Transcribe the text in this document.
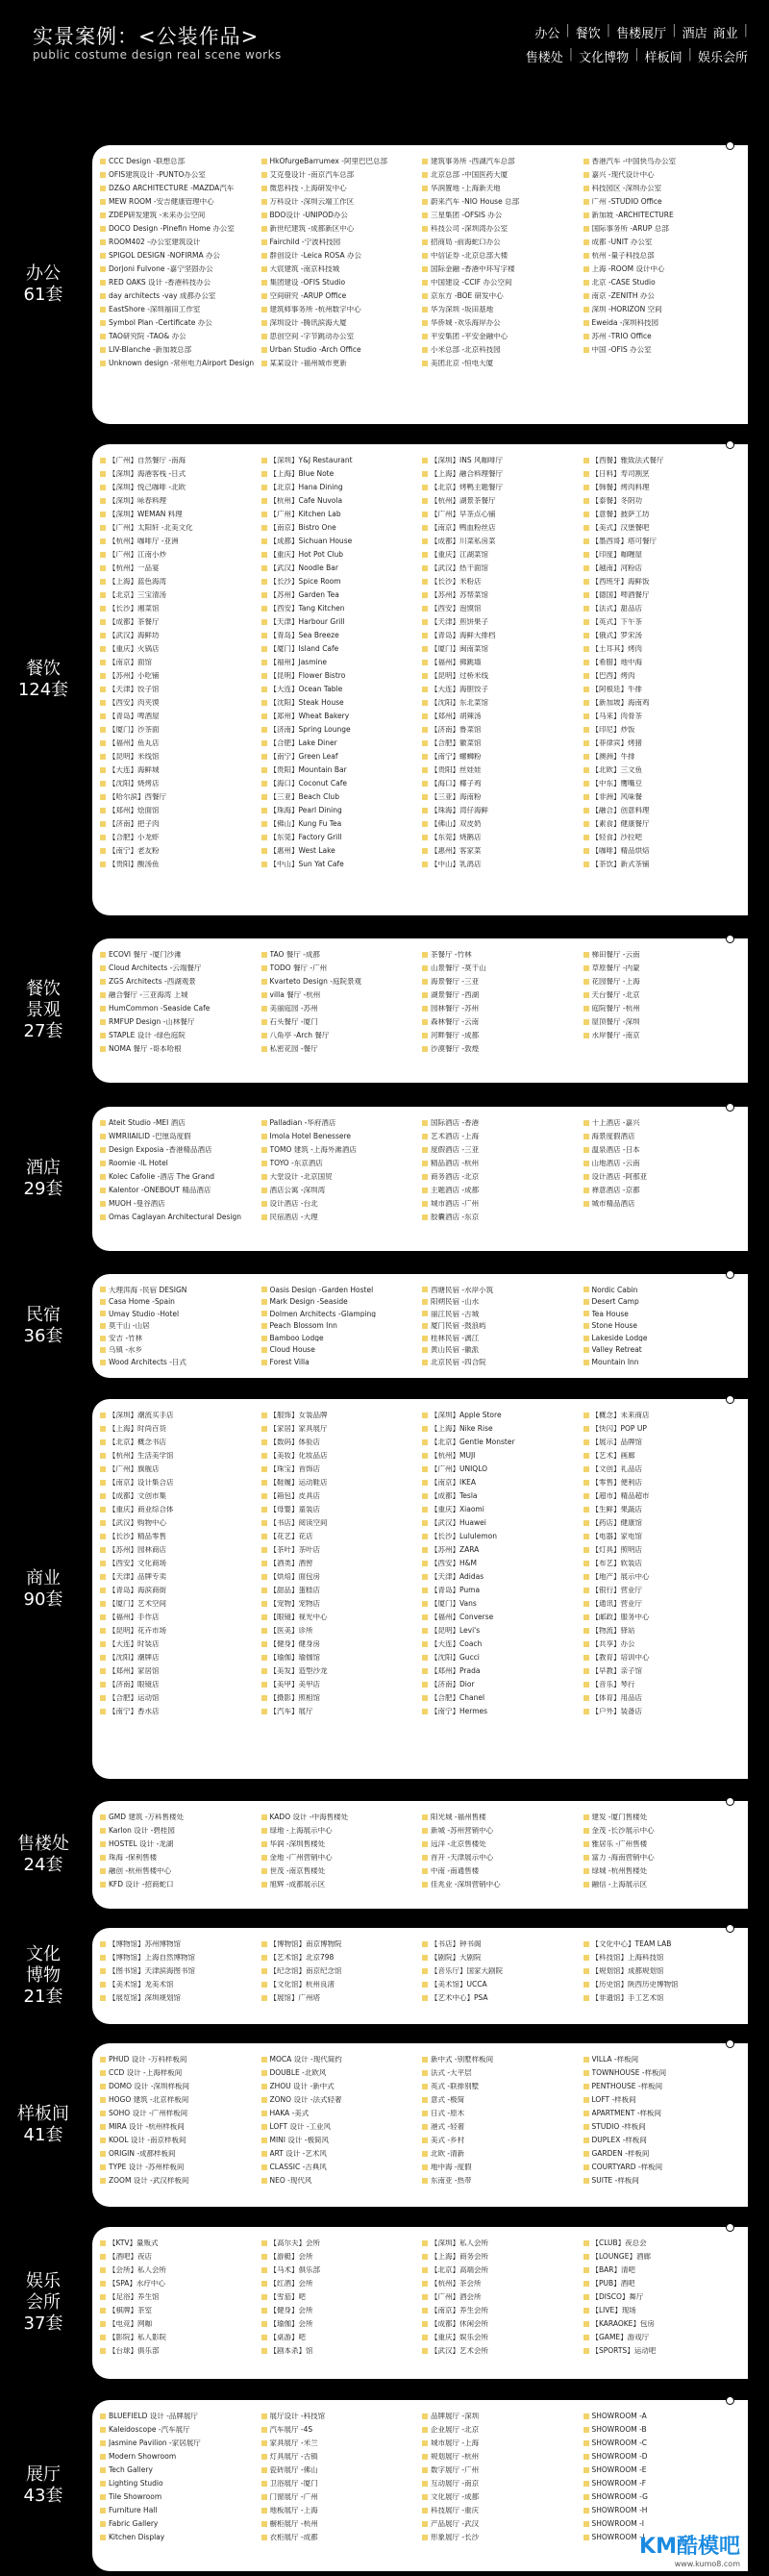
实景案例：<公装作品>
public costume design real scene works
办公 | 餐饮 | 售楼展厅 | 酒店 商业 |
售楼处 | 文化博物 | 样板间 | 娱乐会所
办公
61套
CCC Design -联想总部
OFIS建筑设计 -PUNTO办公室
DZ&O ARCHITECTURE -MAZDA汽车
MEW ROOM -安吉健康管理中心
ZDEP研发建筑 -未来办公空间
DOCO Design -Pinefin Home 办公室
ROOM402 -办公室建筑设计
SPIGOL DESIGN -NOFIRMA 办公
Dorjoni Fulvone -嘉宁坚固办公
RED OAKS 设计 -香港科技办公
day architects -vay 成都办公室
EastShore -深圳福田工作室
Symbol Plan -Certificate 办公
TAO研究院 -TAO& 办公
LIV-Blanche -新加坡总部
Unknown design -常州电力Airport Design
HkOfurgeBarrumex -阿里巴巴总部
艾克曼设计 -南京汽车总部
微思科技 -上海研发中心
万科设计 -深圳云端工作区
BDO设计 -UNIPOD办公
新世纪建筑 -成都新区中心
Fairchild -宁波科技园
群创设计 -Leica ROSA 办公
大宸建筑 -南京科技城
集团建设 -OFIS Studio
空间研究 -ARUP Office
建筑师事务所 -杭州数字中心
深圳设计 -腾讯滨海大厦
思创空间 -字节跳动办公室
Urban Studio -Arch Office
某某设计 -福州城市更新
建筑事务所 -西湖汽车总部
北京总部 -中国医药大厦
华润置地 -上海新天地
蔚来汽车 -NIO House 总部
三星集团 -OFSIS 办公
科技公司 -深圳湾办公室
招商局 -前海蛇口办公
中信证券 -北京总部大楼
国际金融 -香港中环写字楼
中国建设 -CCIF 办公空间
京东方 -BOE 研发中心
华为深圳 -坂田基地
华侨城 -欢乐海岸办公
平安集团 -平安金融中心
小米总部 -北京科技园
美团北京 -恒电大厦
香港汽车 -中国快鸟办公室
嘉兴 -现代设计中心
科技园区 -深圳办公室
广州 -STUDIO Office
新加坡 -ARCHITECTURE
国际事务所 -ARUP 总部
成都 -UNIT 办公室
杭州 -量子科技总部
上海 -ROOM 设计中心
北京 -CASE Studio
南京 -ZENITH 办公
深圳 -HORIZON 空间
Eweida -深圳科技园
苏州 -TRIO Office
中国 -OFIS 办公室
餐饮
124套
【广州】自然餐厅 -南海
【深圳】海港客栈 -日式
【深圳】悦己咖啡 -北欧
【深圳】咏春料理
【深圳】WEMAN 料理
【广州】太阳轩 -北美文化
【杭州】咖啡厅 -亚洲
【广州】江南小炒
【杭州】一品宴
【上海】蓝色海湾
【北京】三宝清汤
【长沙】湘菜馆
【成都】茶餐厅
【武汉】海鲜坊
【重庆】火锅店
【南京】面馆
【苏州】小吃铺
【天津】饺子馆
【西安】肉夹馍
【青岛】啤酒屋
【厦门】沙茶面
【福州】鱼丸店
【昆明】米线馆
【大连】海鲜城
【沈阳】烧烤店
【哈尔滨】西餐厅
【郑州】烩面馆
【济南】把子肉
【合肥】小龙虾
【南宁】老友粉
【贵阳】酸汤鱼
【深圳】Y&J Restaurant
【上海】Blue Note
【北京】Hana Dining
【杭州】Cafe Nuvola
【广州】Kitchen Lab
【南京】Bistro One
【成都】Sichuan House
【重庆】Hot Pot Club
【武汉】Noodle Bar
【长沙】Spice Room
【苏州】Garden Tea
【西安】Tang Kitchen
【天津】Harbour Grill
【青岛】Sea Breeze
【厦门】Island Cafe
【福州】Jasmine
【昆明】Flower Bistro
【大连】Ocean Table
【沈阳】Steak House
【郑州】Wheat Bakery
【济南】Spring Lounge
【合肥】Lake Diner
【南宁】Green Leaf
【贵阳】Mountain Bar
【海口】Coconut Cafe
【三亚】Beach Club
【珠海】Pearl Dining
【佛山】Kung Fu Tea
【东莞】Factory Grill
【惠州】West Lake
【中山】Sun Yat Cafe
【深圳】INS 风咖啡厅
【上海】融合料理餐厅
【北京】烤鸭主题餐厅
【杭州】湖景茶餐厅
【广州】早茶点心铺
【南京】鸭血粉丝店
【成都】川菜私房菜
【重庆】江湖菜馆
【武汉】热干面馆
【长沙】米粉店
【苏州】苏帮菜馆
【西安】泡馍馆
【天津】煎饼果子
【青岛】海鲜大排档
【厦门】闽南菜馆
【福州】佛跳墙
【昆明】过桥米线
【大连】海胆饺子
【沈阳】东北菜馆
【郑州】胡辣汤
【济南】鲁菜馆
【合肥】徽菜馆
【南宁】螺蛳粉
【贵阳】丝娃娃
【海口】椰子鸡
【三亚】海南粉
【珠海】湾仔海鲜
【佛山】双皮奶
【东莞】烧鹅店
【惠州】客家菜
【中山】乳鸽店
【西餐】雅致法式餐厅
【日料】寿司割烹
【韩餐】烤肉料理
【泰餐】冬阴功
【意餐】披萨工坊
【美式】汉堡餐吧
【墨西哥】塔可餐厅
【印度】咖喱屋
【越南】河粉店
【西班牙】海鲜饭
【德国】啤酒餐厅
【法式】甜品店
【英式】下午茶
【俄式】罗宋汤
【土耳其】烤肉
【希腊】地中海
【巴西】烤肉
【阿根廷】牛排
【新加坡】海南鸡
【马来】肉骨茶
【印尼】炒饭
【菲律宾】烤猪
【澳洲】牛排
【北欧】三文鱼
【中东】鹰嘴豆
【非洲】风味餐
【融合】创意料理
【素食】健康餐厅
【轻食】沙拉吧
【咖啡】精品烘焙
【茶饮】新式茶铺
餐饮
景观
27套
ECOVI 餐厅 -厦门沙滩
Cloud Architects -云端餐厅
ZGS Architects -西湖观景
融合餐厅 -三亚海湾 上城
HumCommon -Seaside Cafe
RMFUP Design -山林餐厅
STAPLE 设计 -绿色庭院
NOMA 餐厅 -哥本哈根
TAO 餐厅 -成都
TODO 餐厅 -广州
Kvarteto Design -庭院景观
villa 餐厅 -杭州
美丽庭园 -苏州
石头餐厅 -厦门
八角亭 -Arch 餐厅
私密花园 -餐厅
茶餐厅 -竹林
山景餐厅 -莫干山
海景餐厅 -三亚
湖景餐厅 -西湖
园林餐厅 -苏州
森林餐厅 -云南
河畔餐厅 -成都
沙漠餐厅 -敦煌
梯田餐厅 -云南
草原餐厅 -内蒙
花园餐厅 -上海
天台餐厅 -北京
庭院餐厅 -杭州
屋顶餐厅 -深圳
水岸餐厅 -南京
酒店
29套
Ateit Studio -MEI 酒店
WMRIIAILID -巴厘岛度假
Design Exposia -香港精品酒店
Roomie -IL Hotel
Kolec Cafolie -酒店 The Grand
Kalentor -ONEBOUT 精品酒店
MUOH -曼谷酒店
Omas Caglayan Architectural Design
Palladian -华府酒店
Imola Hotel Benessere
TOMO 建筑 -上海外滩酒店
TOYO -东京酒店
大堂设计 -北京国贸
酒店公寓 -深圳湾
设计酒店 -台北
民宿酒店 -大理
国际酒店 -香港
艺术酒店 -上海
度假酒店 -三亚
精品酒店 -杭州
商务酒店 -北京
主题酒店 -成都
城市酒店 -广州
胶囊酒店 -东京
十上酒店 -嘉兴
海景度假酒店
温泉酒店 -日本
山地酒店 -云南
设计酒店 -阿那亚
禅意酒店 -京都
城市精品酒店
民宿
36套
大理洱海 -民宿 DESIGN
Casa Home -Spain
Umay Studio -Hotel
莫干山 -山居
安吉 -竹林
乌镇 -水乡
Wood Architects -日式
Oasis Design -Garden Hostel
Mark Design -Seaside
Dolmen Architects -Glamping
Peach Blossom Inn
Bamboo Lodge
Cloud House
Forest Villa
西塘民宿 -水岸小筑
阳朔民宿 -山水
丽江民宿 -古城
厦门民宿 -鼓浪屿
桂林民宿 -漓江
黄山民宿 -徽派
北京民宿 -四合院
Nordic Cabin
Desert Camp
Tea House
Stone House
Lakeside Lodge
Valley Retreat
Mountain Inn
商业
90套
【深圳】潮流买手店
【上海】时尚百货
【北京】概念书店
【杭州】生活美学馆
【广州】旗舰店
【南京】设计集合店
【成都】文创市集
【重庆】商业综合体
【武汉】购物中心
【长沙】精品零售
【苏州】园林商店
【西安】文化商场
【天津】品牌专卖
【青岛】海滨商街
【厦门】艺术空间
【福州】手作店
【昆明】花卉市场
【大连】时装店
【沈阳】潮牌店
【郑州】家居馆
【济南】眼镜店
【合肥】运动馆
【南宁】香水店
【服饰】女装品牌
【家居】家具展厅
【数码】体验店
【美妆】化妆品店
【珠宝】首饰店
【鞋履】运动鞋店
【箱包】皮具店
【母婴】童装店
【书店】阅读空间
【花艺】花店
【茶叶】茶叶店
【酒类】酒窖
【烘焙】面包房
【甜品】蛋糕店
【宠物】宠物店
【眼镜】视光中心
【医美】诊所
【健身】健身房
【瑜伽】瑜伽馆
【美发】造型沙龙
【美甲】美甲店
【摄影】照相馆
【汽车】展厅
【深圳】Apple Store
【上海】Nike Rise
【北京】Gentle Monster
【杭州】MUJI
【广州】UNIQLO
【南京】IKEA
【成都】Tesla
【重庆】Xiaomi
【武汉】Huawei
【长沙】Lululemon
【苏州】ZARA
【西安】H&M
【天津】Adidas
【青岛】Puma
【厦门】Vans
【福州】Converse
【昆明】Levi's
【大连】Coach
【沈阳】Gucci
【郑州】Prada
【济南】Dior
【合肥】Chanel
【南宁】Hermes
【概念】未来商店
【快闪】POP UP
【展示】品牌馆
【艺术】画廊
【文创】礼品店
【零售】便利店
【超市】精品超市
【生鲜】果蔬店
【药店】健康馆
【电器】家电馆
【灯具】照明店
【布艺】软装店
【地产】展示中心
【银行】营业厅
【通讯】营业厅
【邮政】服务中心
【物流】驿站
【共享】办公
【教育】培训中心
【早教】亲子馆
【音乐】琴行
【体育】用品店
【户外】装备店
售楼处
24套
GMD 建筑 -万科售楼处
Karlon 设计 -碧桂园
HOSTEL 设计 -龙湖
珠海 -保利售楼
融创 -杭州售楼中心
KFD 设计 -招商蛇口
KADO 设计 -中海售楼处
绿地 -上海展示中心
华润 -深圳售楼处
金地 -广州营销中心
世茂 -南京售楼处
旭辉 -成都展示区
阳光城 -福州售楼
新城 -苏州营销中心
远洋 -北京售楼处
首开 -天津展示中心
中南 -南通售楼
佳兆业 -深圳营销中心
建发 -厦门售楼处
金茂 -长沙展示中心
雅居乐 -广州售楼
富力 -海南营销中心
绿城 -杭州售楼处
融信 -上海展示区
文化
博物
21套
【博物馆】苏州博物馆
【博物馆】上海自然博物馆
【图书馆】天津滨海图书馆
【美术馆】龙美术馆
【展览馆】深圳规划馆
【博物馆】南京博物院
【艺术馆】北京798
【纪念馆】南京纪念馆
【文化馆】杭州良渚
【展馆】广州塔
【书店】钟书阁
【剧院】大剧院
【音乐厅】国家大剧院
【美术馆】UCCA
【艺术中心】PSA
【文化中心】TEAM LAB
【科技馆】上海科技馆
【规划馆】成都规划馆
【历史馆】陕西历史博物馆
【非遗馆】手工艺术馆
样板间
41套
PHUD 设计 -万科样板间
CCD 设计 -上海样板间
DOMO 设计 -深圳样板间
HOGO 建筑 -北京样板间
SOHO 设计 -广州样板间
MIRA 设计 -杭州样板间
KOOL 设计 -南京样板间
ORIGIN -成都样板间
TYPE 设计 -苏州样板间
ZOOM 设计 -武汉样板间
MOCA 设计 -现代简约
DOUBLE -北欧风
ZHOU 设计 -新中式
ZONO 设计 -法式轻奢
HAKA -美式
LOFT 设计 -工业风
MINI 设计 -极简风
ART 设计 -艺术风
CLASSIC -古典风
NEO -现代风
新中式 -别墅样板间
法式 -大平层
英式 -联排别墅
意式 -极简
日式 -原木
港式 -轻奢
美式 -乡村
北欧 -清新
地中海 -度假
东南亚 -热带
VILLA -样板间
TOWNHOUSE -样板间
PENTHOUSE -样板间
LOFT -样板间
APARTMENT -样板间
STUDIO -样板间
DUPLEX -样板间
GARDEN -样板间
COURTYARD -样板间
SUITE -样板间
娱乐
会所
37套
【KTV】量贩式
【酒吧】夜店
【会所】私人会所
【SPA】水疗中心
【足浴】养生馆
【棋牌】茶室
【电竞】网咖
【影院】私人影院
【台球】俱乐部
【高尔夫】会所
【游艇】会所
【马术】俱乐部
【红酒】会所
【雪茄】吧
【健身】会所
【瑜伽】会所
【桌游】吧
【剧本杀】馆
【深圳】私人会所
【上海】商务会所
【北京】高端会所
【杭州】茶会所
【广州】酒会所
【南京】养生会所
【成都】休闲会所
【重庆】娱乐会所
【武汉】艺术会所
【CLUB】夜总会
【LOUNGE】酒廊
【BAR】清吧
【PUB】酒吧
【DISCO】舞厅
【LIVE】现场
【KARAOKE】包房
【GAME】游戏厅
【SPORTS】运动吧
展厅
43套
BLUEFIELD 设计 -品牌展厅
Kaleidoscope -汽车展厅
Jasmine Pavilion -家居展厅
Modern Showroom
Tech Gallery
Lighting Studio
Tile Showroom
Furniture Hall
Fabric Gallery
Kitchen Display
展厅设计 -科技馆
汽车展厅 -4S
家具展厅 -米兰
灯具展厅 -古镇
瓷砖展厅 -佛山
卫浴展厅 -厦门
门窗展厅 -广州
地板展厅 -上海
橱柜展厅 -杭州
衣柜展厅 -成都
品牌展厅 -深圳
企业展厅 -北京
城市展厅 -上海
规划展厅 -杭州
数字展厅 -广州
互动展厅 -南京
文化展厅 -成都
科技展厅 -重庆
产品展厅 -武汉
形象展厅 -长沙
SHOWROOM -A
SHOWROOM -B
SHOWROOM -C
SHOWROOM -D
SHOWROOM -E
SHOWROOM -F
SHOWROOM -G
SHOWROOM -H
SHOWROOM -I
SHOWROOM -J
KM酷模吧
www.kumo8.com
